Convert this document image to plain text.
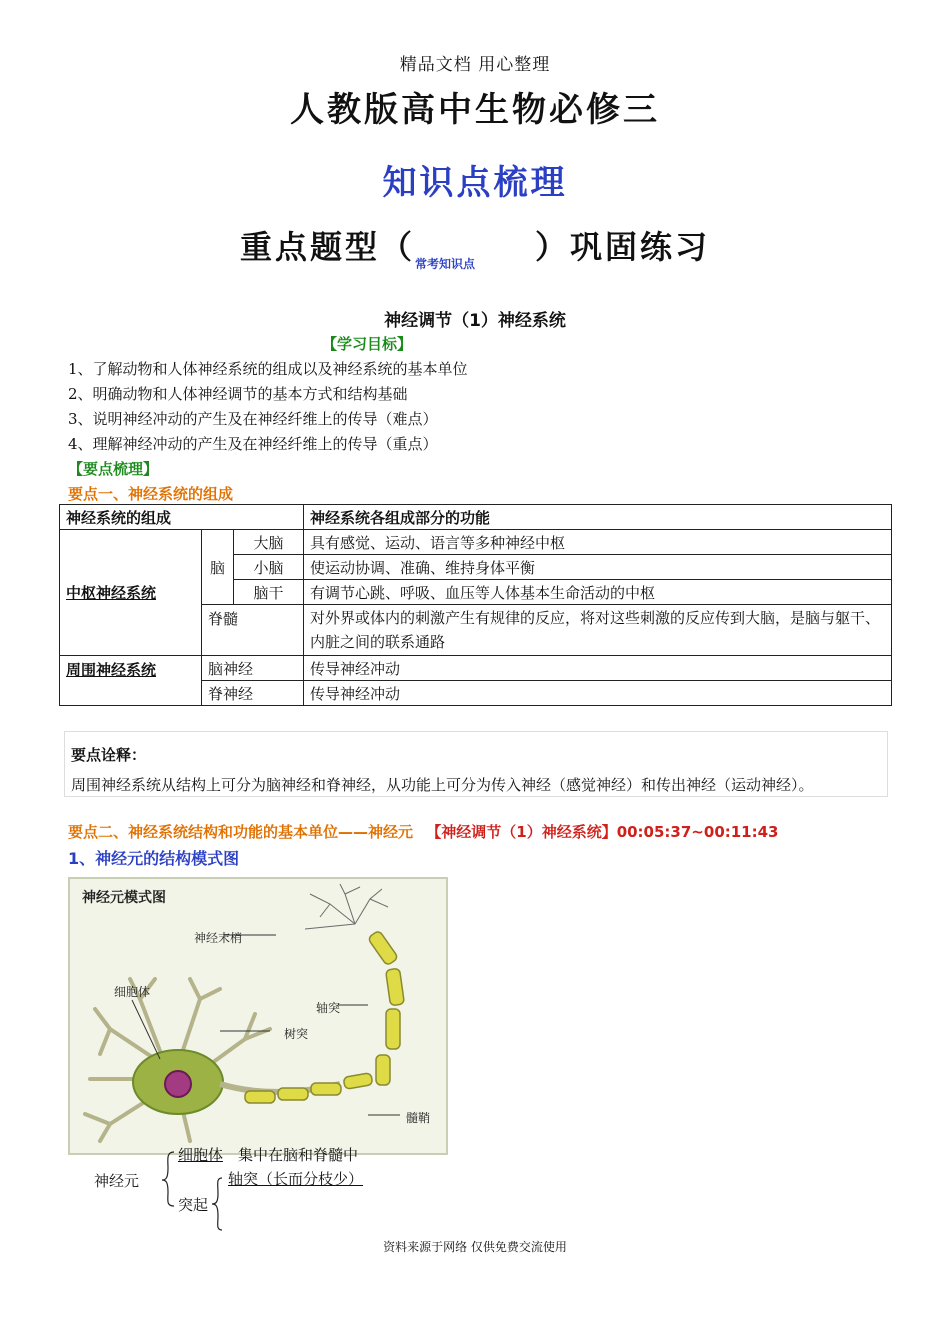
精品文档 用心整理
人教版高中生物必修三
知识点梳理
重点题型（常考知识点 ）巩固练习
神经调节（1）神经系统
【学习目标】
1、了解动物和人体神经系统的组成以及神经系统的基本单位
2、明确动物和人体神经调节的基本方式和结构基础
3、说明神经冲动的产生及在神经纤维上的传导（难点）
4、理解神经冲动的产生及在神经纤维上的传导（重点）
【要点梳理】
要点一、神经系统的组成
神经系统的组成			神经系统各组成部分的功能
中枢神经系统	脑	大脑	具有感觉、运动、语言等多种神经中枢
		小脑	使运动协调、准确、维持身体平衡
		脑干	有调节心跳、呼吸、血压等人体基本生命活动的中枢
	脊髓		对外界或体内的刺激产生有规律的反应，将对这些刺激的反应传到大脑，是脑与躯干、内脏之间的联系通路

周围神经系统	脑神经		传导神经冲动
	脊神经		传导神经冲动
要点诠释：
周围神经系统从结构上可分为脑神经和脊神经，从功能上可分为传入神经（感觉神经）和传出神经（运动神经）。
要点二、神经系统结构和功能的基本单位——神经元 【神经调节（1）神经系统】00:05:37~00:11:43
1、神经元的结构模式图
神经元模式图
神经末梢
细胞体
轴突
树突
髓鞘
神经元
细胞体 集中在脑和脊髓中
突起
轴突（长而分枝少）
资料来源于网络 仅供免费交流使用
